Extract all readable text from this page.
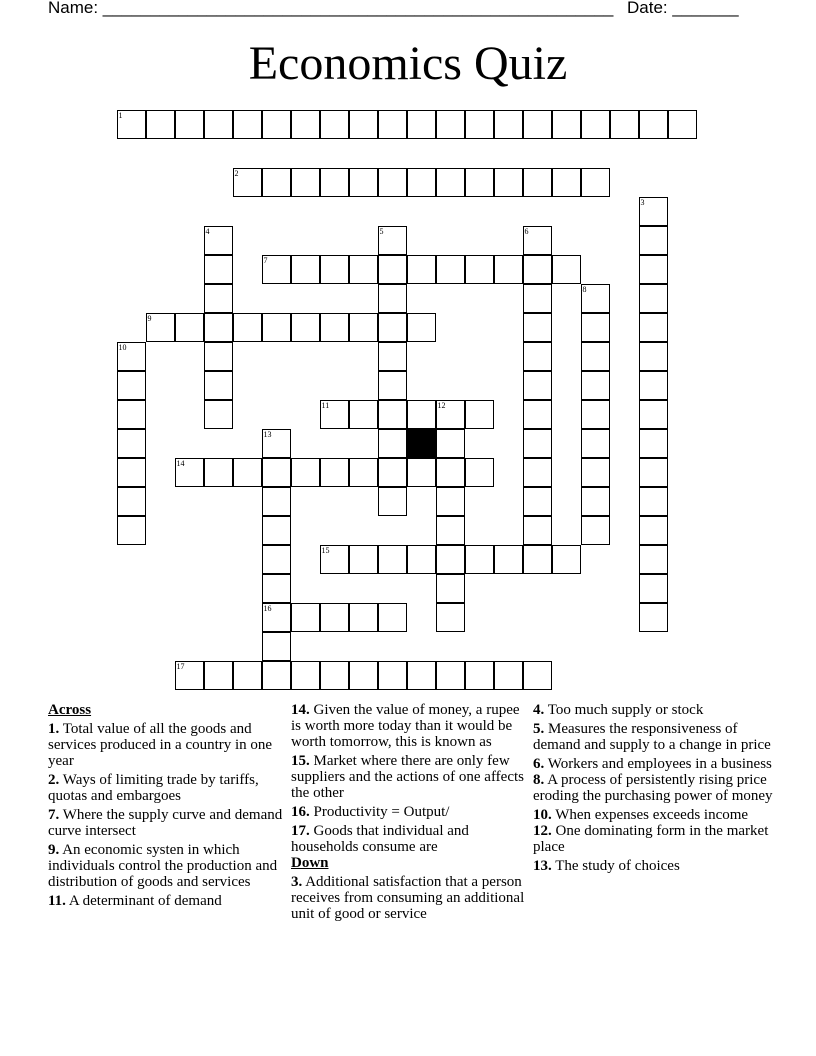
Name: ______________________________________________________ Date: _______
Economics Quiz
1
2
7
9
11	12
14
15
16
17
3
4	5	6
8
10
13
Across
1. Total value of all the goods and services produced in a country in one year
2. Ways of limiting trade by tariffs, quotas and embargoes
7. Where the supply curve and demand curve intersect
9. An economic systen in which individuals control the production and distribution of goods and services
11. A determinant of demand
14. Given the value of money, a rupee is worth more today than it would be worth tomorrow, this is known as
15. Market where there are only few suppliers and the actions of one affects the other
16. Productivity = Output/
17. Goods that individual and households consume are
Down
3. Additional satisfaction that a person receives from consuming an additional unit of good or service
4. Too much supply or stock
5. Measures the responsiveness of demand and supply to a change in price
6. Workers and employees in a business
8. A process of persistently rising price eroding the purchasing power of money
10. When expenses exceeds income
12. One dominating form in the market place
13. The study of choices
